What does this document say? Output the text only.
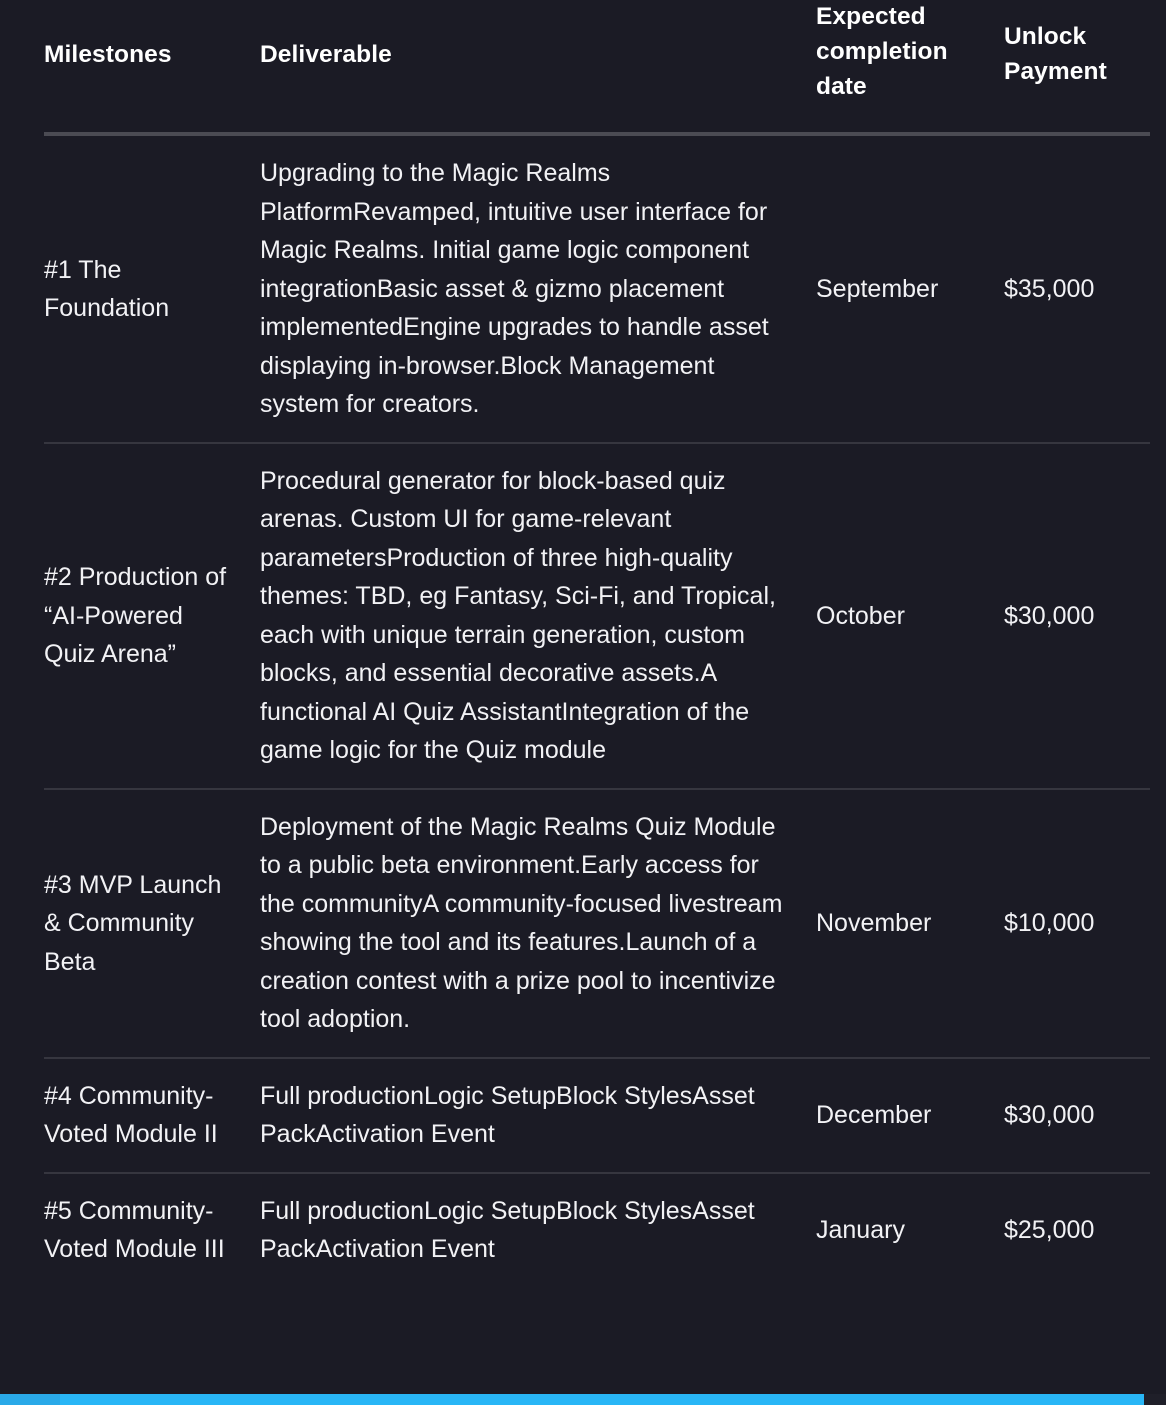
Milestones	Deliverable	Expected completion date	Unlock Payment
#1 The Foundation	Upgrading to the Magic Realms PlatformRevamped, intuitive user interface for Magic Realms. Initial game logic component integrationBasic asset & gizmo placement implementedEngine upgrades to handle asset displaying in-browser.Block Management system for creators.	September	$35,000
#2 Production of “AI-Powered Quiz Arena”	Procedural generator for block-based quiz arenas. Custom UI for game-relevant parametersProduction of three high-quality themes: TBD, eg Fantasy, Sci-Fi, and Tropical, each with unique terrain generation, custom blocks, and essential decorative assets.A functional AI Quiz AssistantIntegration of the game logic for the Quiz module	October	$30,000
#3 MVP Launch & Community Beta	Deployment of the Magic Realms Quiz Module to a public beta environment.Early access for the communityA community-focused livestream showing the tool and its features.Launch of a creation contest with a prize pool to incentivize tool adoption.	November	$10,000
#4 Community-Voted Module II	Full productionLogic SetupBlock StylesAsset PackActivation Event	December	$30,000
#5 Community-Voted Module III	Full productionLogic SetupBlock StylesAsset PackActivation Event	January	$25,000
